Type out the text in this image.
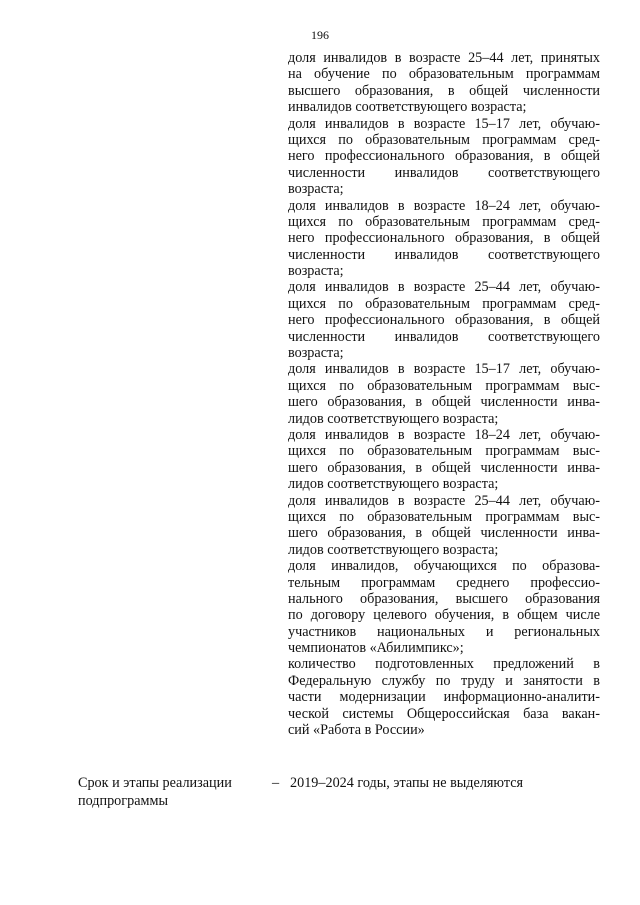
196
доля инвалидов в возрасте 25–44 лет, принятых
на обучение по образовательным программам
высшего образования, в общей численности
инвалидов соответствующего возраста;
доля инвалидов в возрасте 15–17 лет, обучаю-
щихся по образовательным программам сред-
него профессионального образования, в общей
численности инвалидов соответствующего
возраста;
доля инвалидов в возрасте 18–24 лет, обучаю-
щихся по образовательным программам сред-
него профессионального образования, в общей
численности инвалидов соответствующего
возраста;
доля инвалидов в возрасте 25–44 лет, обучаю-
щихся по образовательным программам сред-
него профессионального образования, в общей
численности инвалидов соответствующего
возраста;
доля инвалидов в возрасте 15–17 лет, обучаю-
щихся по образовательным программам выс-
шего образования, в общей численности инва-
лидов соответствующего возраста;
доля инвалидов в возрасте 18–24 лет, обучаю-
щихся по образовательным программам выс-
шего образования, в общей численности инва-
лидов соответствующего возраста;
доля инвалидов в возрасте 25–44 лет, обучаю-
щихся по образовательным программам выс-
шего образования, в общей численности инва-
лидов соответствующего возраста;
доля инвалидов, обучающихся по образова-
тельным программам среднего профессио-
нального образования, высшего образования
по договору целевого обучения, в общем числе
участников национальных и региональных
чемпионатов «Абилимпикс»;
количество подготовленных предложений в
Федеральную службу по труду и занятости в
части модернизации информационно-аналити-
ческой системы Общероссийская база вакан-
сий «Работа в России»
Срок и этапы реализации
подпрограммы
– 2019–2024 годы, этапы не выделяются
